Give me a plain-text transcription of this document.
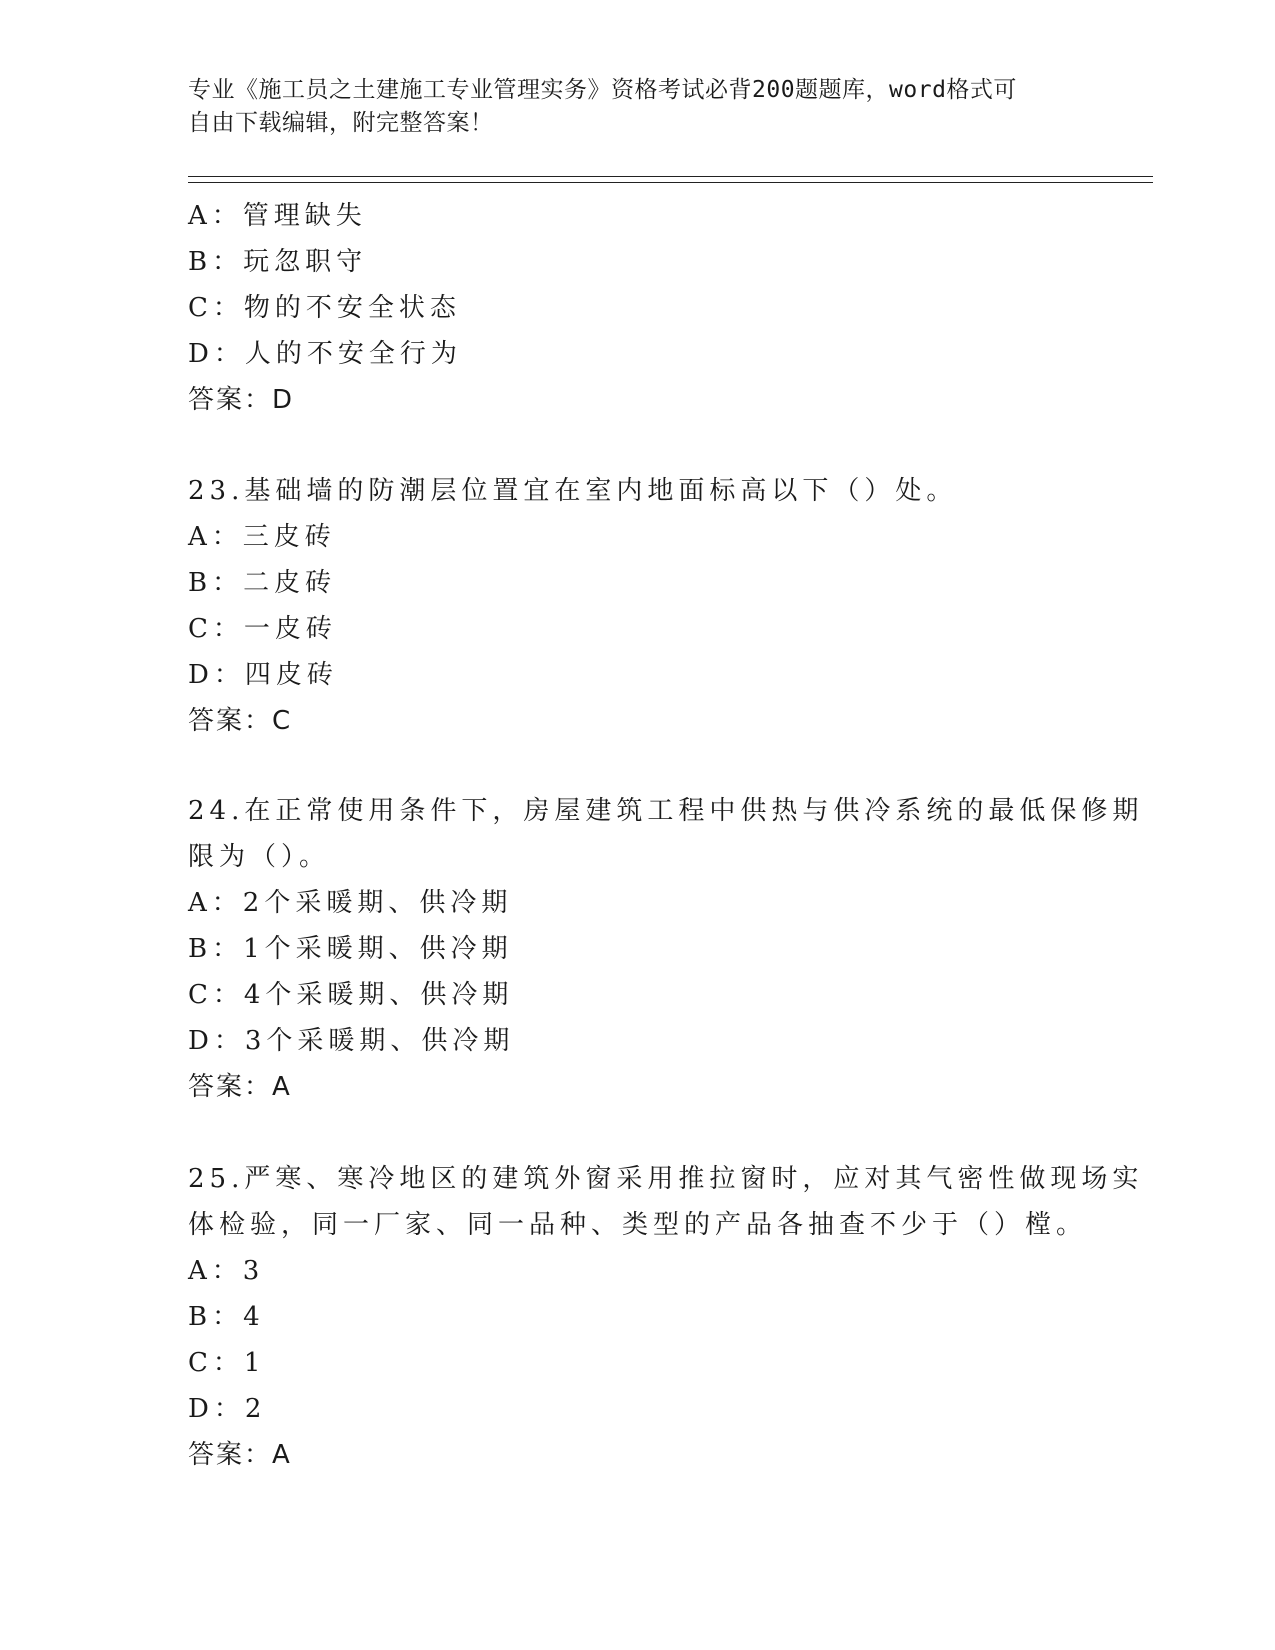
专业《施工员之土建施工专业管理实务》资格考试必背200题题库，word格式可
自由下载编辑，附完整答案！
A：管理缺失
B：玩忽职守
C：物的不安全状态
D：人的不安全行为
答案：D
23.基础墙的防潮层位置宜在室内地面标高以下（）处。
A：三皮砖
B：二皮砖
C：一皮砖
D：四皮砖
答案：C
24.在正常使用条件下，房屋建筑工程中供热与供冷系统的最低保修期
限为（）。
A：2个采暖期、供冷期
B：1个采暖期、供冷期
C：4个采暖期、供冷期
D：3个采暖期、供冷期
答案：A
25.严寒、寒冷地区的建筑外窗采用推拉窗时，应对其气密性做现场实
体检验，同一厂家、同一品种、类型的产品各抽查不少于（）樘。
A：3
B：4
C：1
D：2
答案：A
